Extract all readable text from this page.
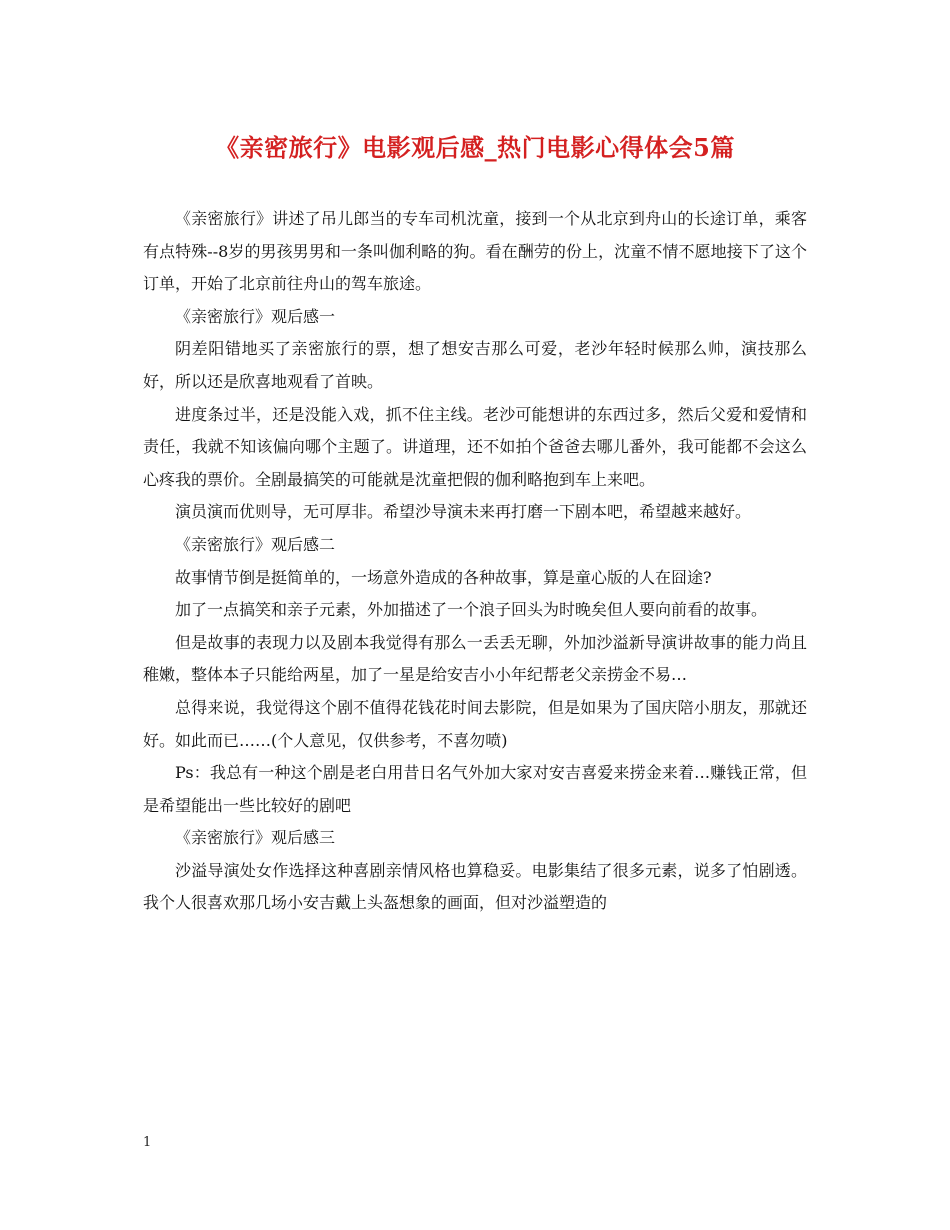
《亲密旅行》电影观后感_热门电影心得体会5篇

《亲密旅行》讲述了吊儿郎当的专车司机沈童，接到一个从北京到舟山的长途订单，乘客有点特殊--8岁的男孩男男和一条叫伽利略的狗。看在酬劳的份上，沈童不情不愿地接下了这个订单，开始了北京前往舟山的驾车旅途。

《亲密旅行》观后感一

阴差阳错地买了亲密旅行的票，想了想安吉那么可爱，老沙年轻时候那么帅，演技那么好，所以还是欣喜地观看了首映。

进度条过半，还是没能入戏，抓不住主线。老沙可能想讲的东西过多，然后父爱和爱情和责任，我就不知该偏向哪个主题了。讲道理，还不如拍个爸爸去哪儿番外，我可能都不会这么心疼我的票价。全剧最搞笑的可能就是沈童把假的伽利略抱到车上来吧。

演员演而优则导，无可厚非。希望沙导演未来再打磨一下剧本吧，希望越来越好。

《亲密旅行》观后感二

故事情节倒是挺简单的，一场意外造成的各种故事，算是童心版的人在囧途?

加了一点搞笑和亲子元素，外加描述了一个浪子回头为时晚矣但人要向前看的故事。

但是故事的表现力以及剧本我觉得有那么一丢丢无聊，外加沙溢新导演讲故事的能力尚且稚嫩，整体本子只能给两星，加了一星是给安吉小小年纪帮老父亲捞金不易…

总得来说，我觉得这个剧不值得花钱花时间去影院，但是如果为了国庆陪小朋友，那就还好。如此而已……(个人意见，仅供参考，不喜勿喷)

Ps：我总有一种这个剧是老白用昔日名气外加大家对安吉喜爱来捞金来着…赚钱正常，但是希望能出一些比较好的剧吧

《亲密旅行》观后感三

沙溢导演处女作选择这种喜剧亲情风格也算稳妥。电影集结了很多元素，说多了怕剧透。我个人很喜欢那几场小安吉戴上头盔想象的画面，但对沙溢塑造的

1
